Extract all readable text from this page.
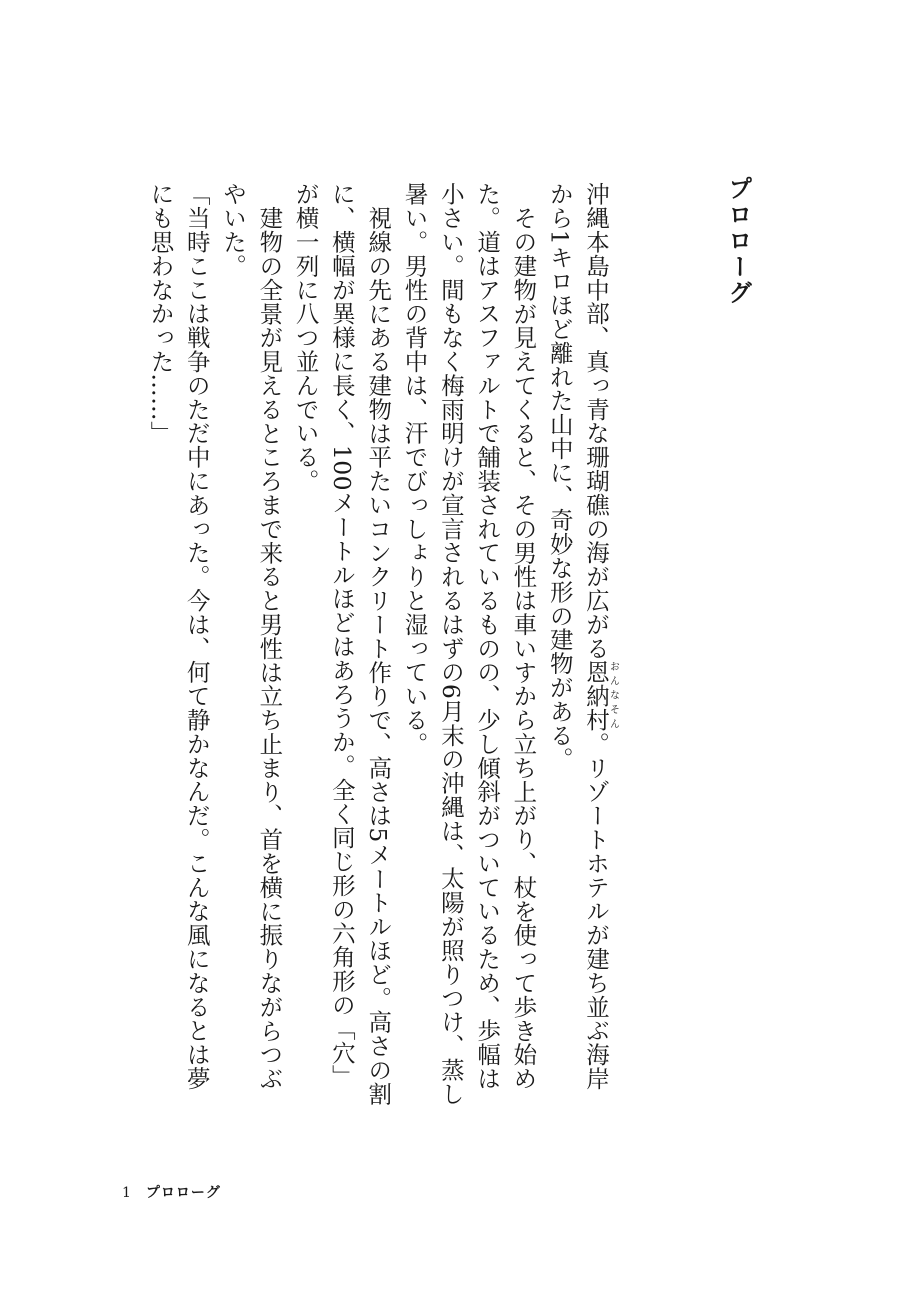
プロローグ

沖縄本島中部、真っ青な珊瑚礁の海が広がる恩納村おんなそん。リゾートホテルが建ち並ぶ海岸から1キロほど離れた山中に、奇妙な形の建物がある。

その建物が見えてくると、その男性は車いすから立ち上がり、杖を使って歩き始めた。道はアスファルトで舗装されているものの、少し傾斜がついているため、歩幅は小さい。間もなく梅雨明けが宣言されるはずの6月末の沖縄は、太陽が照りつけ、蒸し暑い。男性の背中は、汗でびっしょりと湿っている。

視線の先にある建物は平たいコンクリート作りで、高さは5メートルほど。高さの割に、横幅が異様に長く、100メートルほどはあろうか。全く同じ形の六角形の「穴」が横一列に八つ並んでいる。

建物の全景が見えるところまで来ると男性は立ち止まり、首を横に振りながらつぶやいた。

「当時ここは戦争のただ中にあった。今は、何て静かなんだ。こんな風になるとは夢にも思わなかった……」

1 プロローグ
